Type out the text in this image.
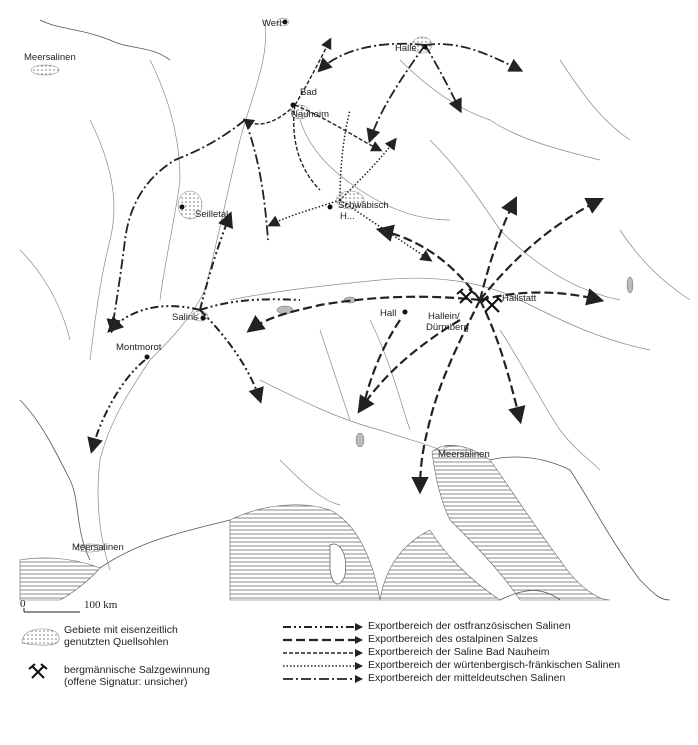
Werl
Halle
Meersalinen
Bad
Nauheim
Seilletal
Schwäbisch
H...
Hallstatt
Hall	Hallein/
Dürrnberg
Salins
Montmorot
Meersalinen
Meersalinen
0	100 km
Gebiete mit eisenzeitlich
genutzten Quellsohlen
bergmännische Salzgewinnung
(offene Signatur: unsicher)
Exportbereich der ostfranzösischen Salinen
Exportbereich des ostalpinen Salzes
Exportbereich der Saline Bad Nauheim
Exportbereich der würtenbergisch-fränkischen Salinen
Exportbereich der mitteldeutschen Salinen
